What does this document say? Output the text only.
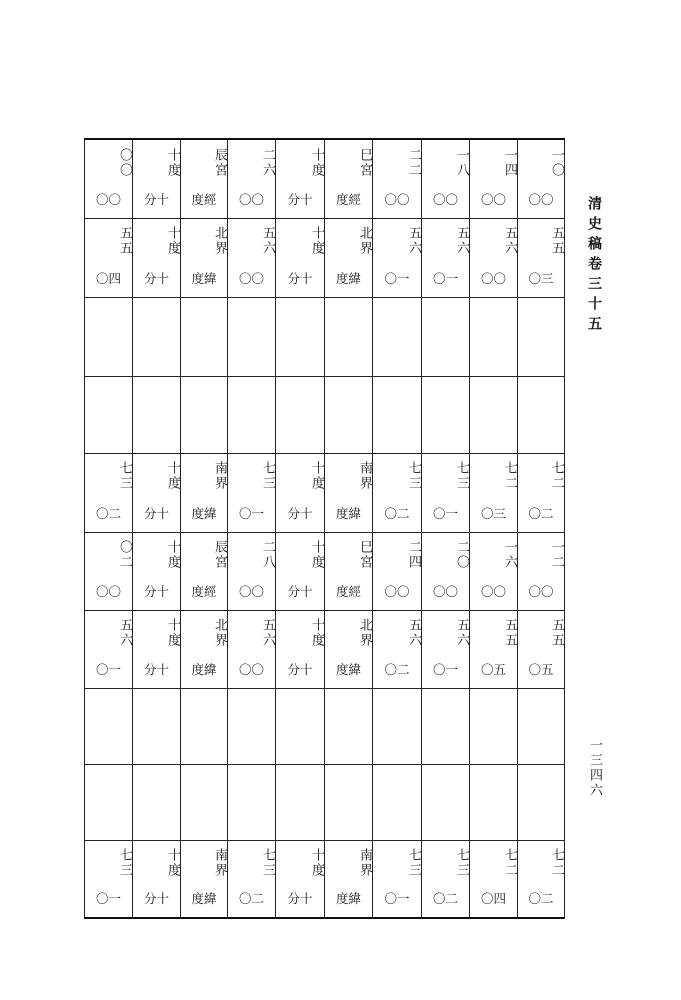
清史稿卷三十五
一三四六
〇〇
〇〇
十度
分十
辰宮
度經
二六
〇〇
十度
分十
巳宮
度經
二二
〇〇
一八
〇〇
一四
〇〇
一〇
〇〇
五五
〇四
十度
分十
北界
度緯
五六
〇〇
十度
分十
北界
度緯
五六
〇一
五六
〇一
五六
〇〇
五五
〇三
七三
〇二
十度
分十
南界
度緯
七三
〇一
十度
分十
南界
度緯
七三
〇二
七三
〇一
七二
〇三
七二
〇二
〇二
〇〇
十度
分十
辰宮
度經
二八
〇〇
十度
分十
巳宮
度經
二四
〇〇
二〇
〇〇
一六
〇〇
一二
〇〇
五六
〇一
十度
分十
北界
度緯
五六
〇〇
十度
分十
北界
度緯
五六
〇二
五六
〇一
五五
〇五
五五
〇五
七三
〇一
十度
分十
南界
度緯
七三
〇二
十度
分十
南界
度緯
七三
〇一
七三
〇二
七二
〇四
七二
〇二
